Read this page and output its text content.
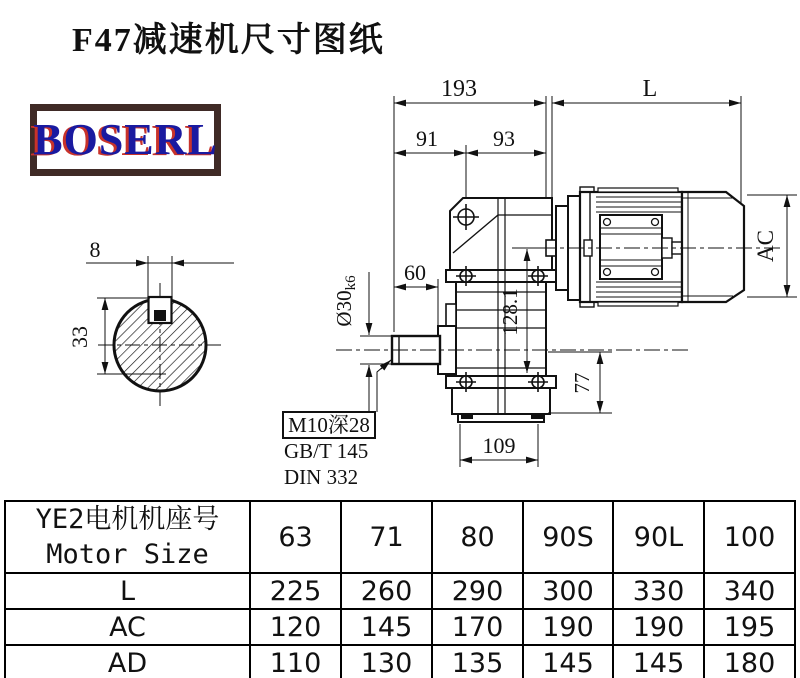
F47减速机尺寸图纸
BOSERL
8
33
193	L
91	93
60
Ø30k6
128.1
77
109
AC
M10深28
GB/T 145
DIN 332
YE2电机机座号
Motor Size	63	71	80	90S	90L	100
L	225	260	290	300	330	340
AC	120	145	170	190	190	195
AD	110	130	135	145	145	180
